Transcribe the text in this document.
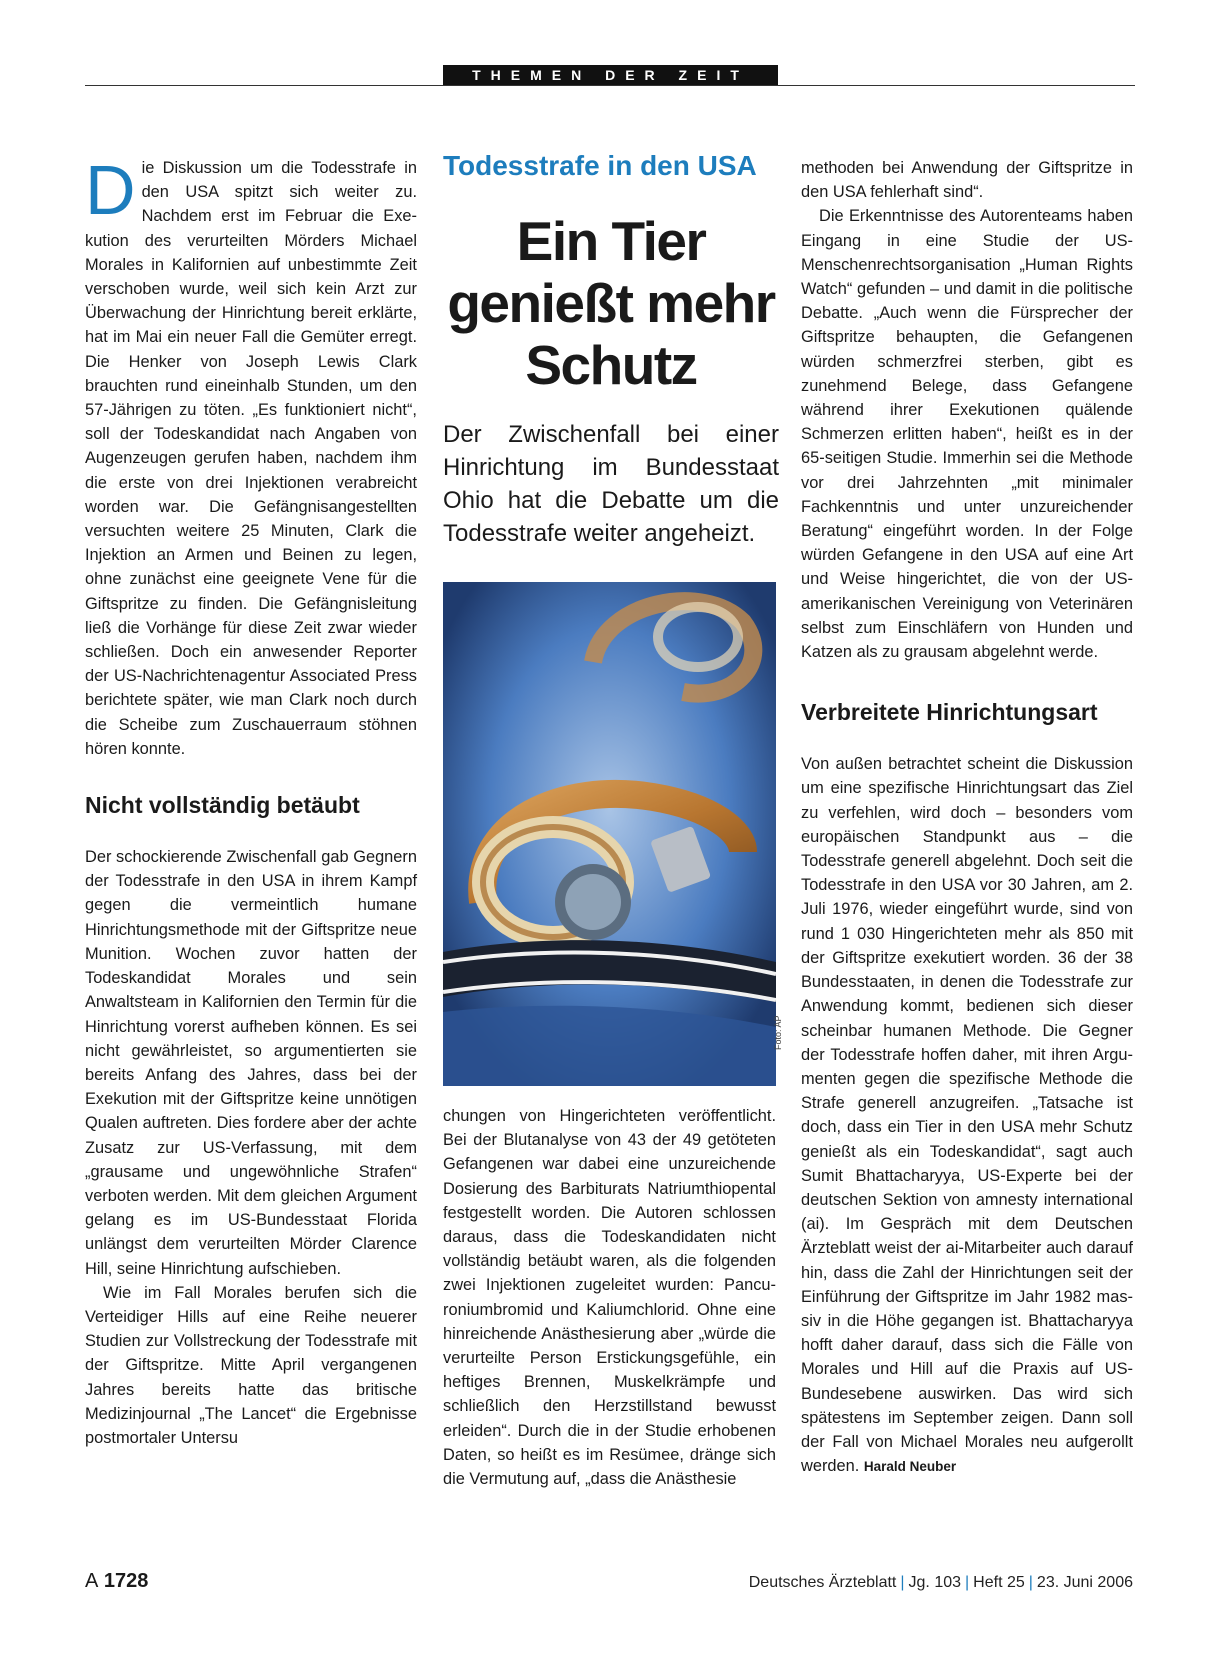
THEMEN DER ZEIT

Die Diskussion um die Todesstrafe in den USA spitzt sich weiter zu. Nachdem erst im Februar die Exekution des verurteilten Mörders Michael Morales in Kalifornien auf unbestimmte Zeit verschoben wurde, weil sich kein Arzt zur Überwachung der Hinrichtung bereit erklärte, hat im Mai ein neuer Fall die Gemüter erregt. Die Henker von Joseph Lewis Clark brauchten rund eineinhalb Stunden, um den 57-Jährigen zu töten. „Es funktioniert nicht“, soll der Todeskandidat nach Angaben von Augenzeugen gerufen haben, nachdem ihm die erste von drei Injektionen verabreicht worden war. Die Gefängnisangestellten versuchten weitere 25 Minuten, Clark die Injektion an Armen und Beinen zu legen, ohne zunächst eine geeignete Vene für die Giftspritze zu finden. Die Gefängnisleitung ließ die Vorhänge für diese Zeit zwar wieder schließen. Doch ein anwesender Reporter der US-Nachrichtenagentur Associated Press berichtete später, wie man Clark noch durch die Scheibe zum Zuschauerraum stöhnen hören konnte.

Nicht vollständig betäubt

Der schockierende Zwischenfall gab Gegnern der Todesstrafe in den USA in ihrem Kampf gegen die vermeintlich humane Hinrichtungsmethode mit der Giftspritze neue Munition. Wochen zuvor hatten der Todeskandidat Morales und sein Anwaltsteam in Kalifornien den Termin für die Hinrichtung vorerst aufheben können. Es sei nicht gewährleistet, so argumentierten sie bereits Anfang des Jahres, dass bei der Exekution mit der Giftspritze keine unnötigen Qualen auftreten. Dies fordere aber der achte Zusatz zur US-Verfassung, mit dem „grausame und ungewöhnliche Strafen“ verboten werden. Mit dem gleichen Argument gelang es im US-Bundesstaat Florida unlängst dem verurteilten Mörder Clarence Hill, seine Hinrichtung aufschieben.

Wie im Fall Morales berufen sich die Verteidiger Hills auf eine Reihe neuerer Studien zur Vollstreckung der Todesstrafe mit der Giftspritze. Mitte April vergangenen Jahres bereits hatte das britische Medizinjournal „The Lancet“ die Ergebnisse postmortaler Untersu

Todesstrafe in den USA
Ein Tier genießt mehr Schutz
Der Zwischenfall bei einer Hinrichtung im Bundesstaat Ohio hat die Debatte um die Todesstrafe weiter angeheizt.
Foto: AP

chungen von Hingerichteten veröffentlicht. Bei der Blutanalyse von 43 der 49 getöteten Gefangenen war dabei eine unzureichende Dosierung des Barbiturats Natriumthiopental festgestellt worden. Die Autoren schlossen daraus, dass die Todeskandidaten nicht vollständig betäubt waren, als die folgenden zwei Injektionen zugeleitet wurden: Pancuroniumbromid und Kaliumchlorid. Ohne eine hinreichende Anästhesierung aber „würde die verurteilte Person Erstickungsgefühle, ein heftiges Brennen, Muskelkrämpfe und schließlich den Herzstillstand bewusst erleiden“. Durch die in der Studie erhobenen Daten, so heißt es im Resümee, dränge sich die Vermutung auf, „dass die Anästhesie

methoden bei Anwendung der Giftspritze in den USA fehlerhaft sind“.

Die Erkenntnisse des Autorenteams haben Eingang in eine Studie der US-Menschenrechtsorganisation „Human Rights Watch“ gefunden – und damit in die politische Debatte. „Auch wenn die Fürsprecher der Giftspritze behaupten, die Gefangenen würden schmerzfrei sterben, gibt es zunehmend Belege, dass Gefangene während ihrer Exekutionen quälende Schmerzen erlitten haben“, heißt es in der 65-seitigen Studie. Immerhin sei die Methode vor drei Jahrzehnten „mit minimaler Fachkenntnis und unter unzureichender Beratung“ eingeführt worden. In der Folge würden Gefangene in den USA auf eine Art und Weise hingerichtet, die von der US-amerikanischen Vereinigung von Veterinären selbst zum Einschläfern von Hunden und Katzen als zu grausam abgelehnt werde.

Verbreitete Hinrichtungsart

Von außen betrachtet scheint die Diskussion um eine spezifische Hinrichtungsart das Ziel zu verfehlen, wird doch – besonders vom europäischen Standpunkt aus – die Todesstrafe generell abgelehnt. Doch seit die Todesstrafe in den USA vor 30 Jahren, am 2. Juli 1976, wieder eingeführt wurde, sind von rund 1 030 Hingerichteten mehr als 850 mit der Giftspritze exekutiert worden. 36 der 38 Bundesstaaten, in denen die Todesstrafe zur Anwendung kommt, bedienen sich dieser scheinbar humanen Methode. Die Gegner der Todesstrafe hoffen daher, mit ihren Argumenten gegen die spezifische Methode die Strafe generell anzugreifen. „Tatsache ist doch, dass ein Tier in den USA mehr Schutz genießt als ein Todeskandidat“, sagt auch Sumit Bhattacharyya, US-Experte bei der deutschen Sektion von amnesty international (ai). Im Gespräch mit dem Deutschen Ärzteblatt weist der ai-Mitarbeiter auch darauf hin, dass die Zahl der Hinrichtungen seit der Einführung der Giftspritze im Jahr 1982 massiv in die Höhe gegangen ist. Bhattacharyya hofft daher darauf, dass sich die Fälle von Morales und Hill auf die Praxis auf US-Bundesebene auswirken. Das wird sich spätestens im September zeigen. Dann soll der Fall von Michael Morales neu aufgerollt werden. Harald Neuber

A 1728	Deutsches Ärzteblatt | Jg. 103 | Heft 25 | 23. Juni 2006
